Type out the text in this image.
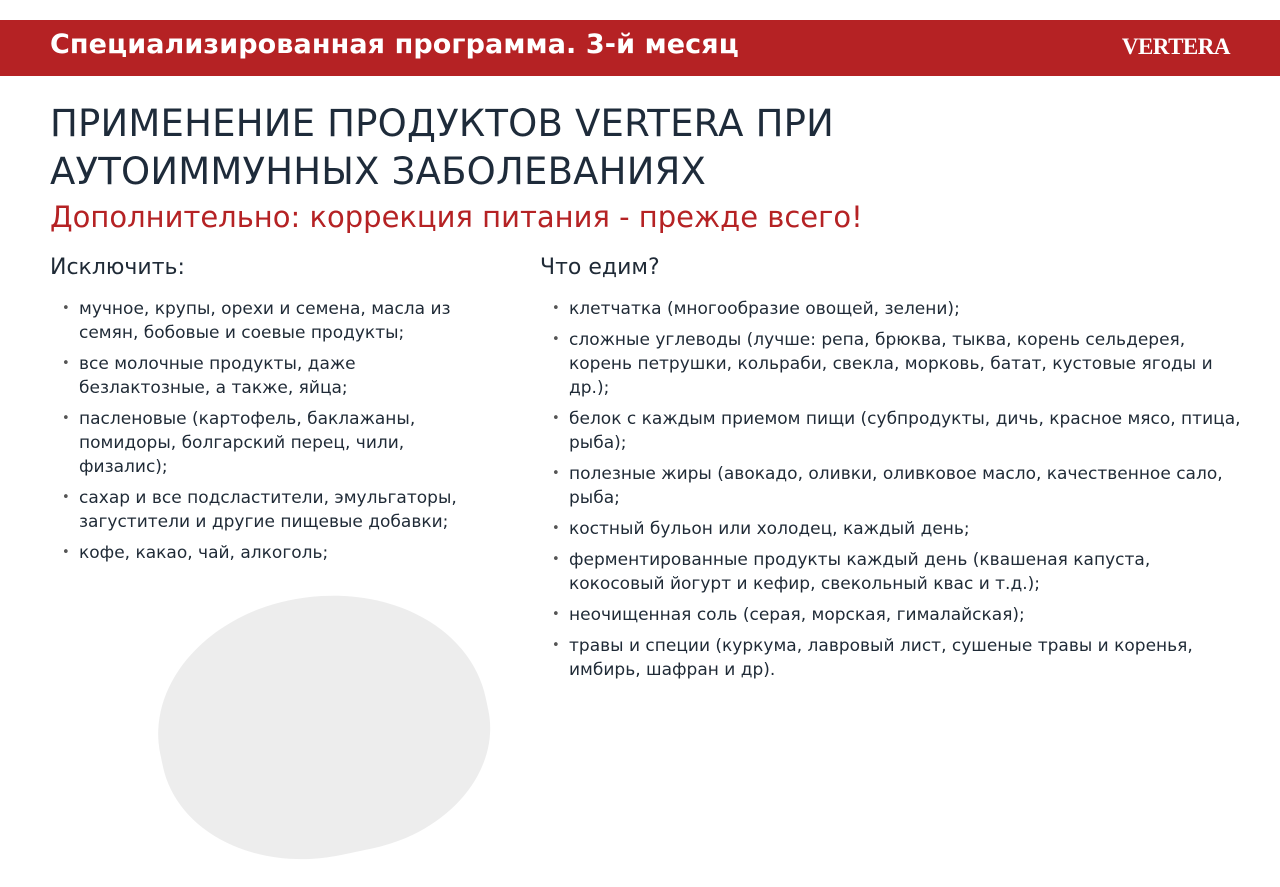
Специализированная программа. 3-й месяц	VERTERA
ПРИМЕНЕНИЕ ПРОДУКТОВ VERTERA ПРИ АУТОИММУННЫХ ЗАБОЛЕВАНИЯХ
Дополнительно: коррекция питания - прежде всего!
Исключить:	Что едим?
• мучное, крупы, орехи и семена, масла из семян, бобовые и соевые продукты;
• все молочные продукты, даже безлактозные, а также, яйца;
• пасленовые (картофель, баклажаны, помидоры, болгарский перец, чили, физалис);
• сахар и все подсластители, эмульгаторы, загустители и другие пищевые добавки;
• кофе, какао, чай, алкоголь;
• клетчатка (многообразие овощей, зелени);
• сложные углеводы (лучше: репа, брюква, тыква, корень сельдерея, корень петрушки, кольраби, свекла, морковь, батат, кустовые ягоды и др.);
• белок с каждым приемом пищи (субпродукты, дичь, красное мясо, птица, рыба);
• полезные жиры (авокадо, оливки, оливковое масло, качественное сало, рыба;
• костный бульон или холодец, каждый день;
• ферментированные продукты каждый день (квашеная капуста, кокосовый йогурт и кефир, свекольный квас и т.д.);
• неочищенная соль (серая, морская, гималайская);
• травы и специи (куркума, лавровый лист, сушеные травы и коренья, имбирь, шафран и др).
